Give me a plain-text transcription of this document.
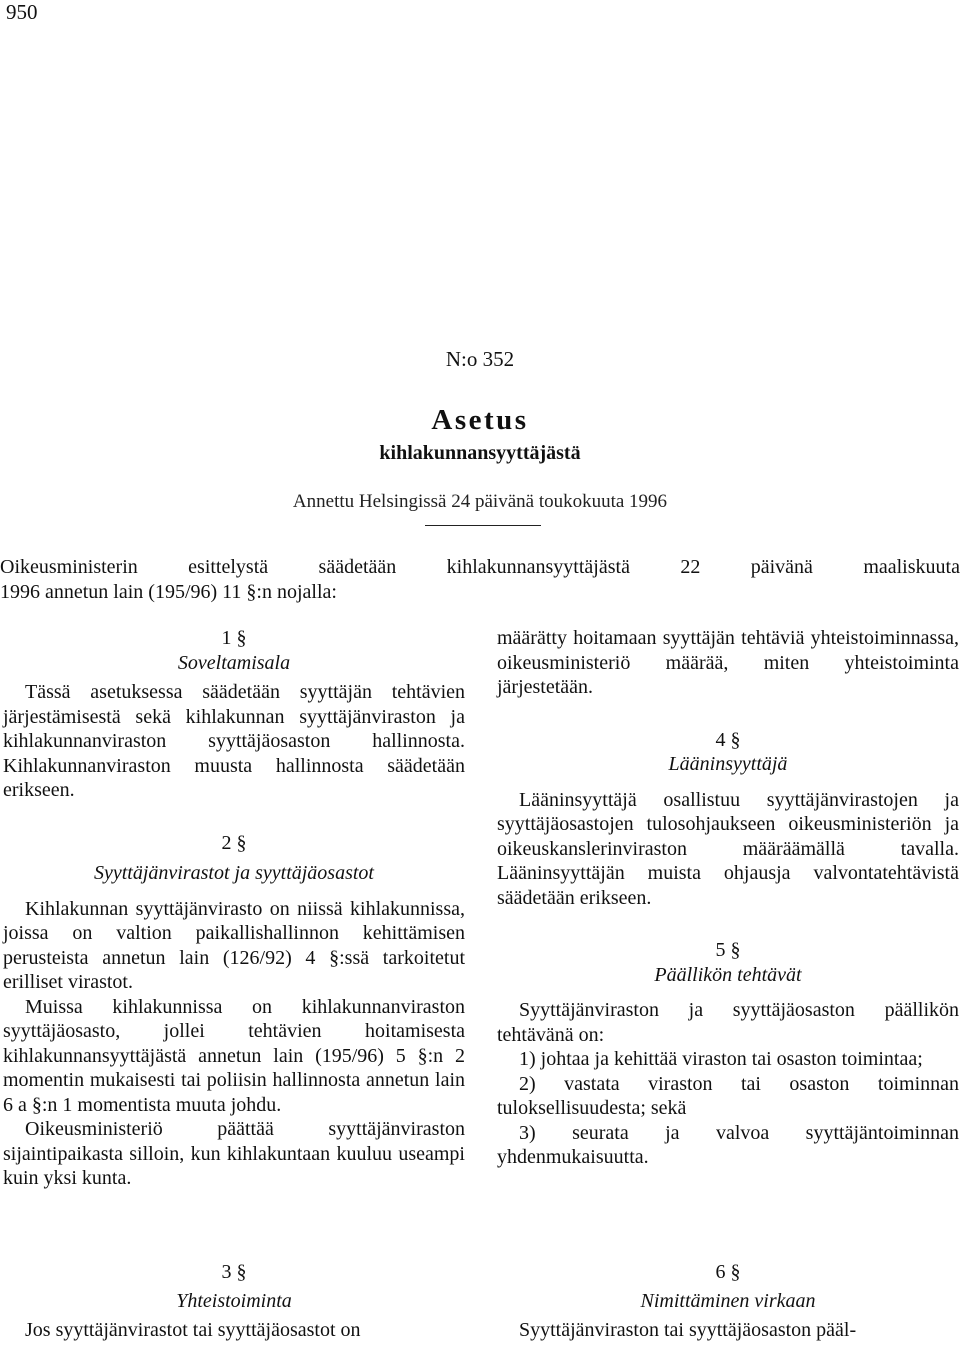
950
N:o 352
Asetus
kihlakunnansyyttäjästä
Annettu Helsingissä 24 päivänä toukokuuta 1996
Oikeusministerin	esittelystä	säädetään	kihlakunnansyyttäjästä	22	päivänä	maaliskuuta
1996 annetun lain (195/96) 11 §:n nojalla:
1 §
Soveltamisala

Tässä asetuksessa säädetään syyttäjän tehtävien järjestämisestä sekä kihlakunnan syyttäjänviraston ja kihlakunnanviraston syyttäjäosaston hallinnosta. Kihlakunnanviraston muusta hallinnosta säädetään erikseen.

2 §
Syyttäjänvirastot ja syyttäjäosastot

Kihlakunnan syyttäjänvirasto on niissä kihlakunnissa, joissa on valtion paikallishallinnon kehittämisen perusteista annetun lain (126/92) 4 §:ssä tarkoitetut erilliset virastot.

Muissa kihlakunnissa on kihlakunnanviraston syyttäjäosasto, jollei tehtävien hoitamisesta kihlakunnansyyttäjästä annetun lain (195/96) 5 §:n 2 momentin mukaisesti tai poliisin hallinnosta annetun lain 6 a §:n 1 momentista muuta johdu.

Oikeusministeriö päättää syyttäjänviraston sijaintipaikasta silloin, kun kihlakuntaan kuuluu useampi kuin yksi kunta.

määrätty hoitamaan syyttäjän tehtäviä yhteistoiminnassa, oikeusministeriö määrää, miten yhteistoiminta järjestetään.

4 §
Lääninsyyttäjä

Lääninsyyttäjä osallistuu syyttäjänvirastojen ja syyttäjäosastojen tulosohjaukseen oikeusministeriön ja oikeuskanslerinviraston määräämällä tavalla. Lääninsyyttäjän muista ohjausja valvontatehtävistä säädetään erikseen.

5 §
Päällikön tehtävät

Syyttäjänviraston ja syyttäjäosaston päällikön tehtävänä on:

1) johtaa ja kehittää viraston tai osaston toimintaa;

2) vastata viraston tai osaston toiminnan tuloksellisuudesta; sekä

3) seurata ja valvoa syyttäjäntoiminnan yhdenmukaisuutta.

3 §
Yhteistoiminta
Jos syyttäjänvirastot tai syyttäjäosastot on
6 §
Nimittäminen virkaan
Syyttäjänviraston tai syyttäjäosaston pääl-
